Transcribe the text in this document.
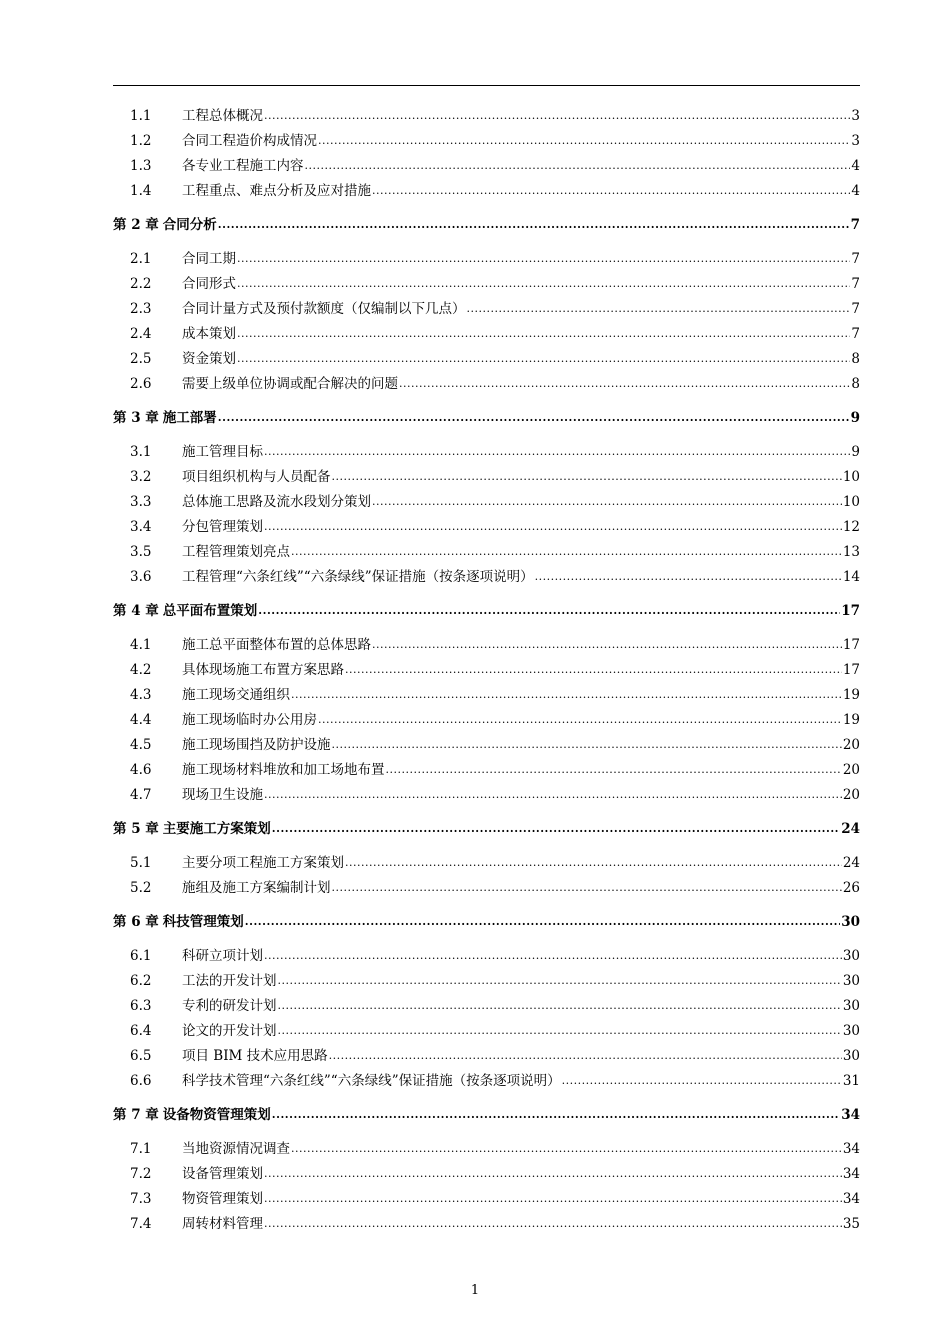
1.1	工程总体概况 .....	3
1.2	合同工程造价构成情况 .....	3
1.3	各专业工程施工内容 .....	4
1.4	工程重点、难点分析及应对措施 .....	4
第 2 章 合同分析 .....	7
2.1	合同工期 .....	7
2.2	合同形式 .....	7
2.3	合同计量方式及预付款额度（仅编制以下几点） .....	7
2.4	成本策划 .....	7
2.5	资金策划 .....	8
2.6	需要上级单位协调或配合解决的问题 .....	8
第 3 章 施工部署 .....	9
3.1	施工管理目标 .....	9
3.2	项目组织机构与人员配备 .....	10
3.3	总体施工思路及流水段划分策划 .....	10
3.4	分包管理策划 .....	12
3.5	工程管理策划亮点 .....	13
3.6	工程管理“六条红线”“六条绿线”保证措施（按条逐项说明） .....	14
第 4 章 总平面布置策划 .....	17
4.1	施工总平面整体布置的总体思路 .....	17
4.2	具体现场施工布置方案思路 .....	17
4.3	施工现场交通组织 .....	19
4.4	施工现场临时办公用房 .....	19
4.5	施工现场围挡及防护设施 .....	20
4.6	施工现场材料堆放和加工场地布置 .....	20
4.7	现场卫生设施 .....	20
第 5 章 主要施工方案策划 .....	24
5.1	主要分项工程施工方案策划 .....	24
5.2	施组及施工方案编制计划 .....	26
第 6 章 科技管理策划 .....	30
6.1	科研立项计划 .....	30
6.2	工法的开发计划 .....	30
6.3	专利的研发计划 .....	30
6.4	论文的开发计划 .....	30
6.5	项目 BIM 技术应用思路 .....	30
6.6	科学技术管理“六条红线”“六条绿线”保证措施（按条逐项说明） .....	31
第 7 章 设备物资管理策划 .....	34
7.1	当地资源情况调查 .....	34
7.2	设备管理策划 .....	34
7.3	物资管理策划 .....	34
7.4	周转材料管理 .....	35
1
